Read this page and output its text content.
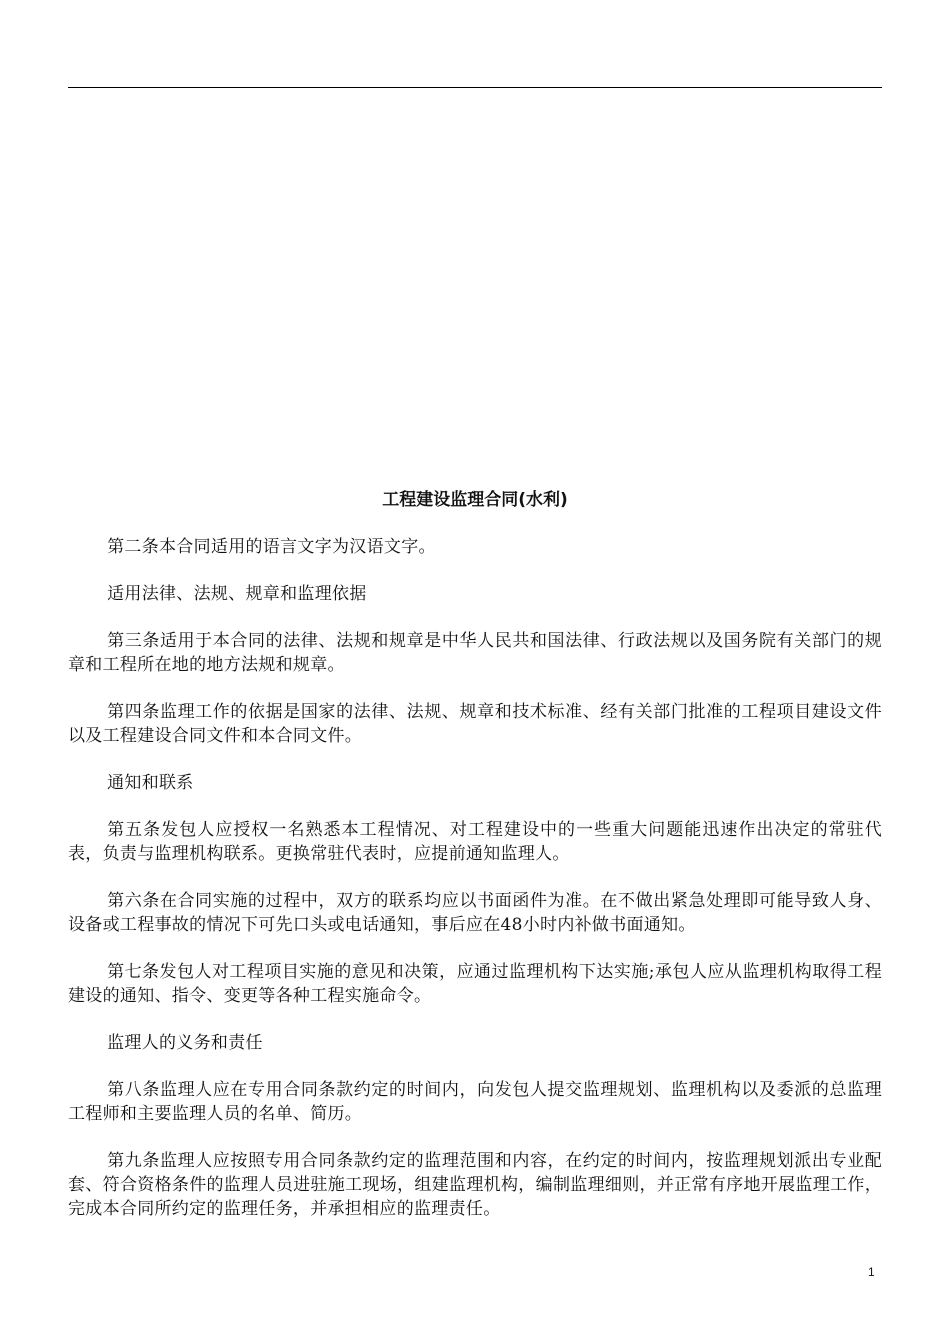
工程建设监理合同(水利)

第二条本合同适用的语言文字为汉语文字。

适用法律、法规、规章和监理依据

第三条适用于本合同的法律、法规和规章是中华人民共和国法律、行政法规以及国务院有关部门的规章和工程所在地的地方法规和规章。

第四条监理工作的依据是国家的法律、法规、规章和技术标准、经有关部门批准的工程项目建设文件以及工程建设合同文件和本合同文件。

通知和联系

第五条发包人应授权一名熟悉本工程情况、对工程建设中的一些重大问题能迅速作出决定的常驻代表，负责与监理机构联系。更换常驻代表时，应提前通知监理人。

第六条在合同实施的过程中，双方的联系均应以书面函件为准。在不做出紧急处理即可能导致人身、设备或工程事故的情况下可先口头或电话通知，事后应在48小时内补做书面通知。

第七条发包人对工程项目实施的意见和决策，应通过监理机构下达实施;承包人应从监理机构取得工程建设的通知、指令、变更等各种工程实施命令。

监理人的义务和责任

第八条监理人应在专用合同条款约定的时间内，向发包人提交监理规划、监理机构以及委派的总监理工程师和主要监理人员的名单、简历。

第九条监理人应按照专用合同条款约定的监理范围和内容，在约定的时间内，按监理规划派出专业配套、符合资格条件的监理人员进驻施工现场，组建监理机构，编制监理细则，并正常有序地开展监理工作，完成本合同所约定的监理任务，并承担相应的监理责任。

1
